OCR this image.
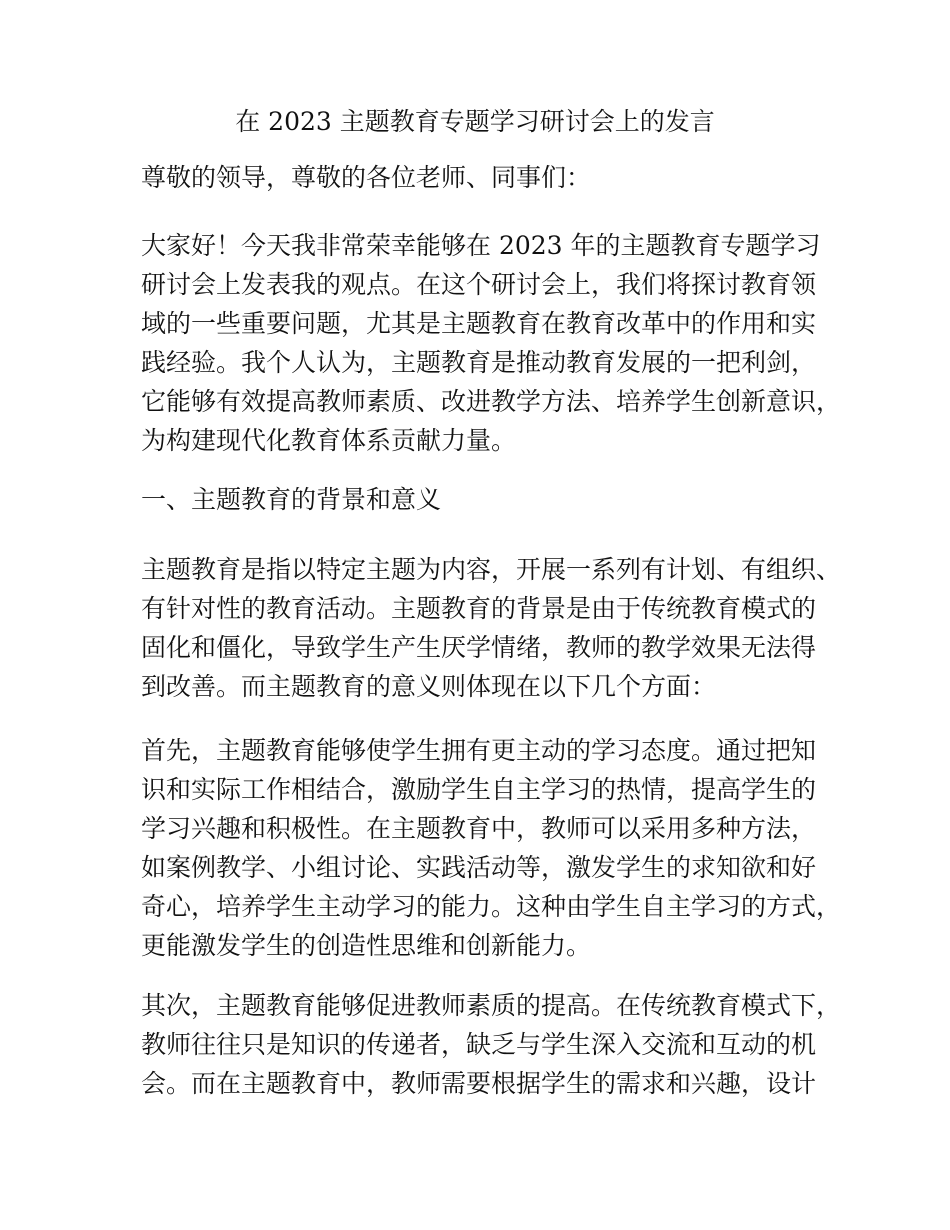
在 2023 主题教育专题学习研讨会上的发言
尊敬的领导，尊敬的各位老师、同事们：
大家好！今天我非常荣幸能够在 2023 年的主题教育专题学习
研讨会上发表我的观点。在这个研讨会上，我们将探讨教育领
域的一些重要问题，尤其是主题教育在教育改革中的作用和实
践经验。我个人认为，主题教育是推动教育发展的一把利剑，
它能够有效提高教师素质、改进教学方法、培养学生创新意识，
为构建现代化教育体系贡献力量。
一、主题教育的背景和意义
主题教育是指以特定主题为内容，开展一系列有计划、有组织、
有针对性的教育活动。主题教育的背景是由于传统教育模式的
固化和僵化，导致学生产生厌学情绪，教师的教学效果无法得
到改善。而主题教育的意义则体现在以下几个方面：
首先，主题教育能够使学生拥有更主动的学习态度。通过把知
识和实际工作相结合，激励学生自主学习的热情，提高学生的
学习兴趣和积极性。在主题教育中，教师可以采用多种方法，
如案例教学、小组讨论、实践活动等，激发学生的求知欲和好
奇心，培养学生主动学习的能力。这种由学生自主学习的方式，
更能激发学生的创造性思维和创新能力。
其次，主题教育能够促进教师素质的提高。在传统教育模式下，
教师往往只是知识的传递者，缺乏与学生深入交流和互动的机
会。而在主题教育中，教师需要根据学生的需求和兴趣，设计
